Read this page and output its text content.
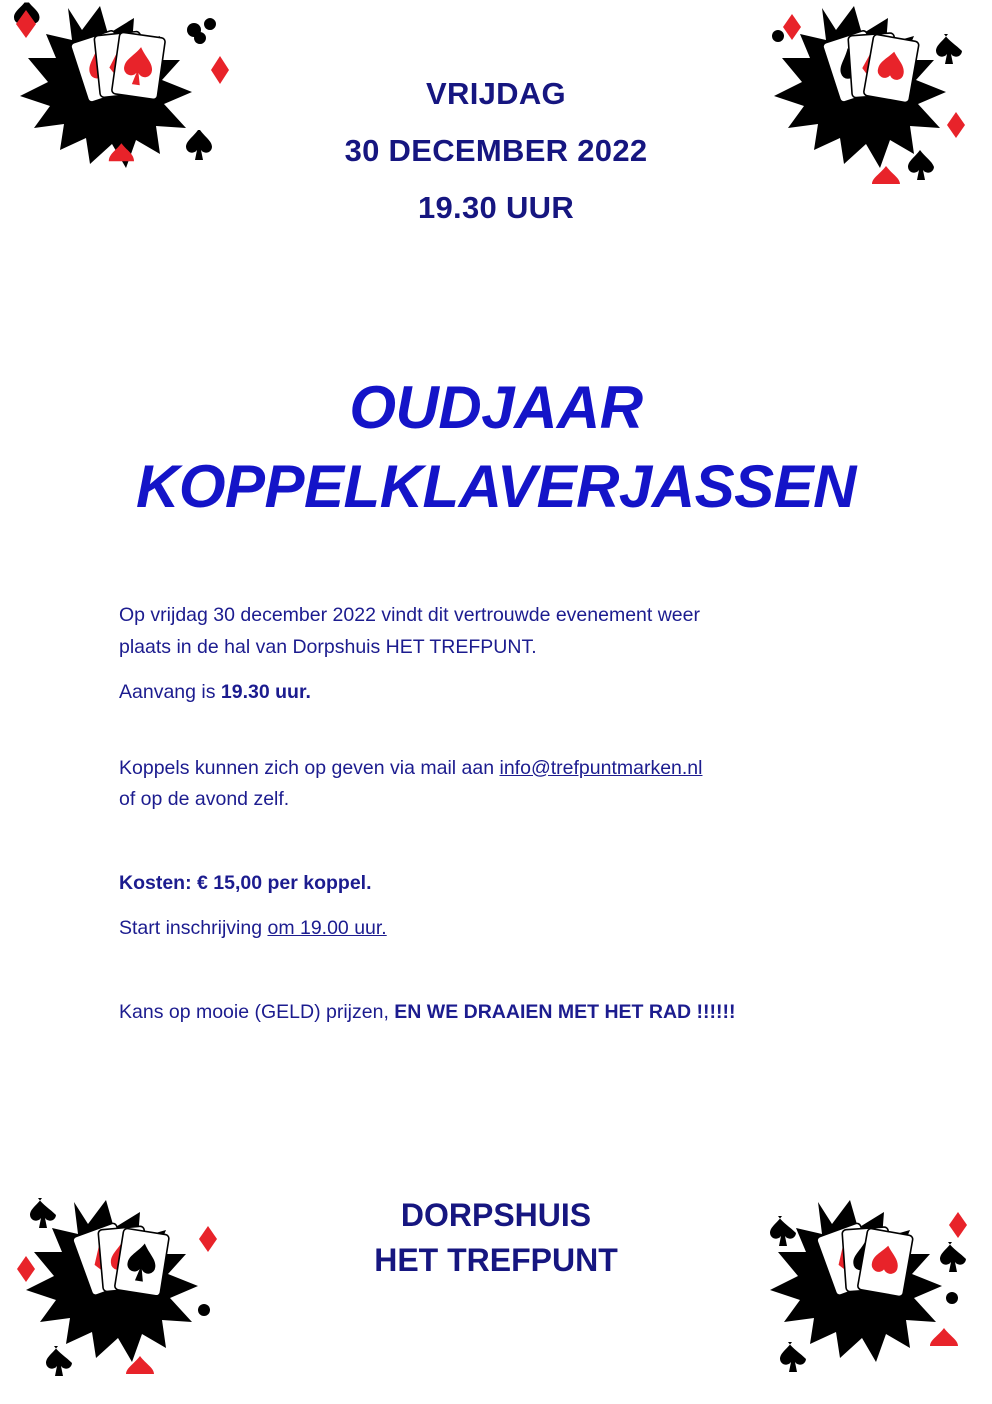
VRIJDAG
30 DECEMBER 2022
19.30 UUR
OUDJAAR
KOPPELKLAVERJASSEN

Op vrijdag 30 december 2022 vindt dit vertrouwde evenement weer

plaats in de hal van Dorpshuis HET TREFPUNT.

Aanvang is 19.30 uur.

Koppels kunnen zich op geven via mail aan info@trefpuntmarken.nl

of op de avond zelf.

Kosten: € 15,00 per koppel.

Start inschrijving om 19.00 uur.

Kans op mooie (GELD) prijzen, EN WE DRAAIEN MET HET RAD !!!!!!

DORPSHUIS
HET TREFPUNT
